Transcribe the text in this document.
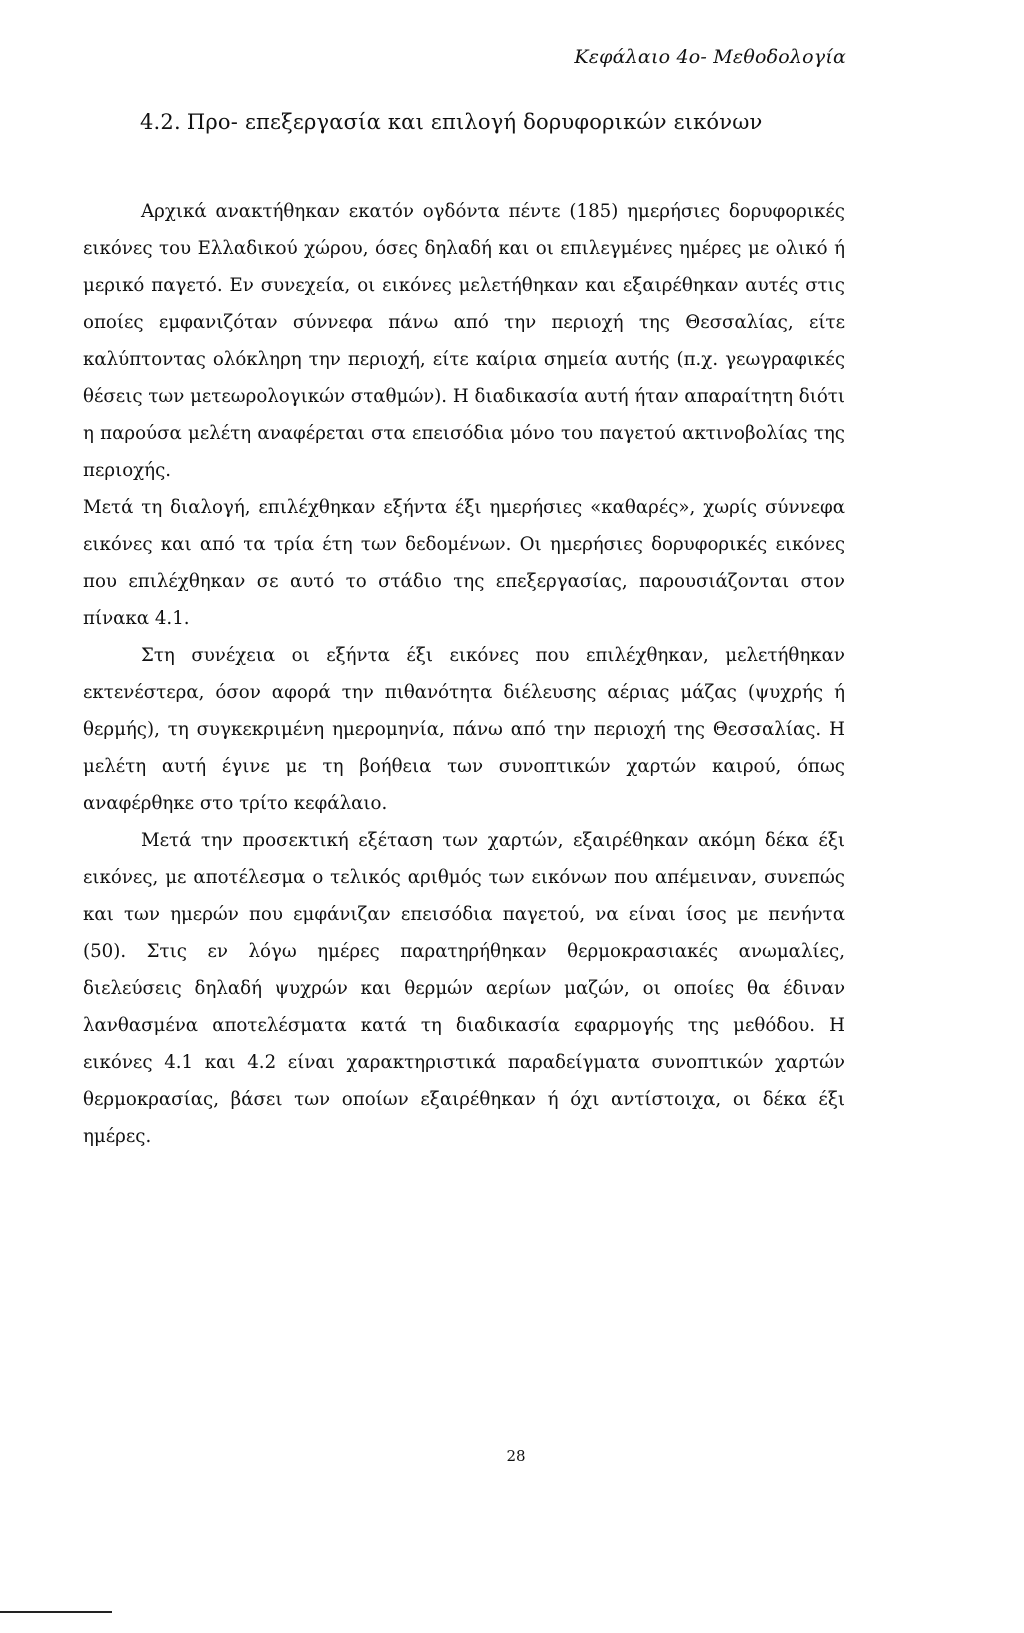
Κεφάλαιο 4ο- Μεθοδολογία
4.2. Προ- επεξεργασία και επιλογή δορυφορικών εικόνων

Αρχικά ανακτήθηκαν εκατόν ογδόντα πέντε (185) ημερήσιες δορυφορικές εικόνες του Ελλαδικού χώρου, όσες δηλαδή και οι επιλεγμένες ημέρες με ολικό ή μερικό παγετό. Εν συνεχεία, οι εικόνες μελετήθηκαν και εξαιρέθηκαν αυτές στις οποίες εμφανιζόταν σύννεφα πάνω από την περιοχή της Θεσσαλίας, είτε καλύπτοντας ολόκληρη την περιοχή, είτε καίρια σημεία αυτής (π.χ. γεωγραφικές θέσεις των μετεωρολογικών σταθμών). Η διαδικασία αυτή ήταν απαραίτητη διότι η παρούσα μελέτη αναφέρεται στα επεισόδια μόνο του παγετού ακτινοβολίας της περιοχής.

Μετά τη διαλογή, επιλέχθηκαν εξήντα έξι ημερήσιες «καθαρές», χωρίς σύννεφα εικόνες και από τα τρία έτη των δεδομένων. Οι ημερήσιες δορυφορικές εικόνες που επιλέχθηκαν σε αυτό το στάδιο της επεξεργασίας, παρουσιάζονται στον πίνακα 4.1.

Στη συνέχεια οι εξήντα έξι εικόνες που επιλέχθηκαν, μελετήθηκαν εκτενέστερα, όσον αφορά την πιθανότητα διέλευσης αέριας μάζας (ψυχρής ή θερμής), τη συγκεκριμένη ημερομηνία, πάνω από την περιοχή της Θεσσαλίας. Η μελέτη αυτή έγινε με τη βοήθεια των συνοπτικών χαρτών καιρού, όπως αναφέρθηκε στο τρίτο κεφάλαιο.

Μετά την προσεκτική εξέταση των χαρτών, εξαιρέθηκαν ακόμη δέκα έξι εικόνες, με αποτέλεσμα ο τελικός αριθμός των εικόνων που απέμειναν, συνεπώς και των ημερών που εμφάνιζαν επεισόδια παγετού, να είναι ίσος με πενήντα (50). Στις εν λόγω ημέρες παρατηρήθηκαν θερμοκρασιακές ανωμαλίες, διελεύσεις δηλαδή ψυχρών και θερμών αερίων μαζών, οι οποίες θα έδιναν λανθασμένα αποτελέσματα κατά τη διαδικασία εφαρμογής της μεθόδου. Η εικόνες 4.1 και 4.2 είναι χαρακτηριστικά παραδείγματα συνοπτικών χαρτών θερμοκρασίας, βάσει των οποίων εξαιρέθηκαν ή όχι αντίστοιχα, οι δέκα έξι ημέρες.

28
